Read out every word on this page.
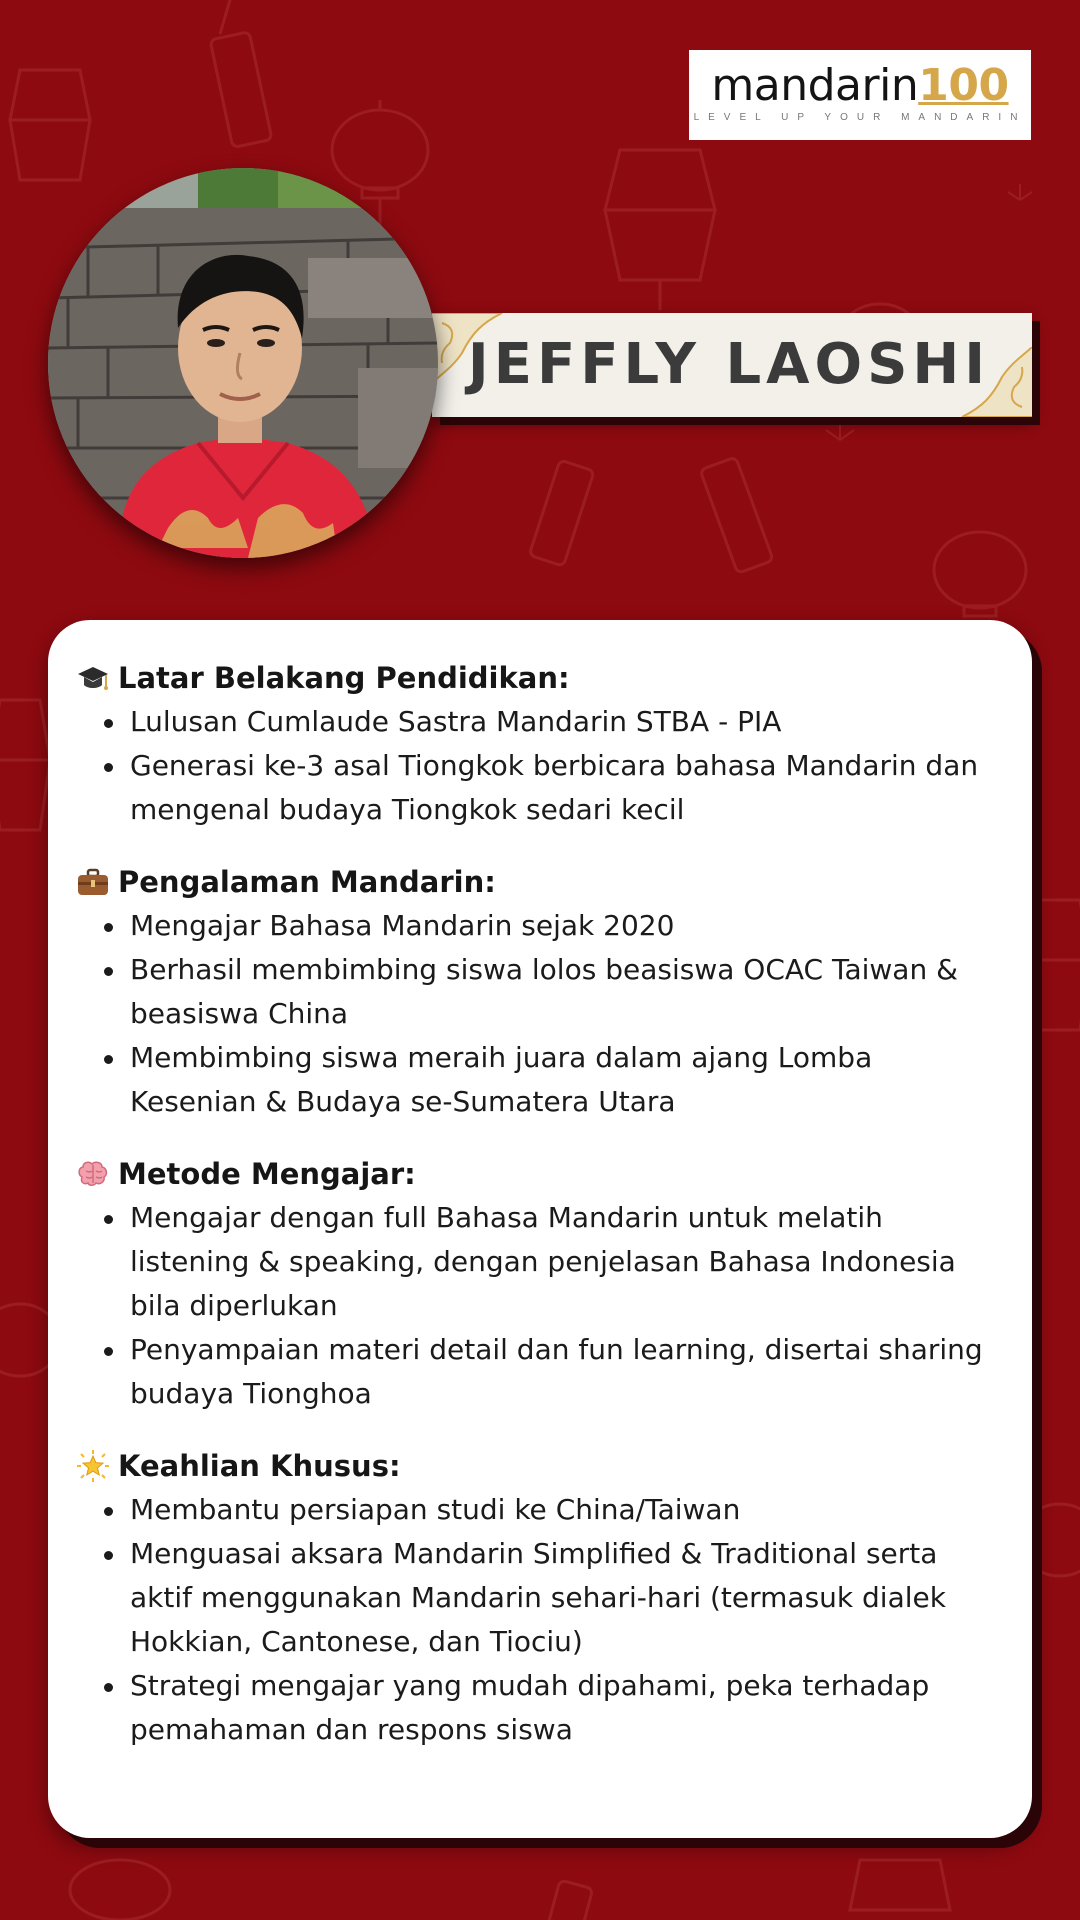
mandarin100
LEVEL UP YOUR MANDARIN
JEFFLY LAOSHI
Latar Belakang Pendidikan:
Lulusan Cumlaude Sastra Mandarin STBA - PIA
Generasi ke-3 asal Tiongkok berbicara bahasa Mandarin dan mengenal budaya Tiongkok sedari kecil
Pengalaman Mandarin:
Mengajar Bahasa Mandarin sejak 2020
Berhasil membimbing siswa lolos beasiswa OCAC Taiwan & beasiswa China
Membimbing siswa meraih juara dalam ajang Lomba Kesenian & Budaya se-Sumatera Utara
Metode Mengajar:
Mengajar dengan full Bahasa Mandarin untuk melatih listening & speaking, dengan penjelasan Bahasa Indonesia bila diperlukan
Penyampaian materi detail dan fun learning, disertai sharing budaya Tionghoa
Keahlian Khusus:
Membantu persiapan studi ke China/Taiwan
Menguasai aksara Mandarin Simplified & Traditional serta aktif menggunakan Mandarin sehari-hari (termasuk dialek Hokkian, Cantonese, dan Tiociu)
Strategi mengajar yang mudah dipahami, peka terhadap pemahaman dan respons siswa
